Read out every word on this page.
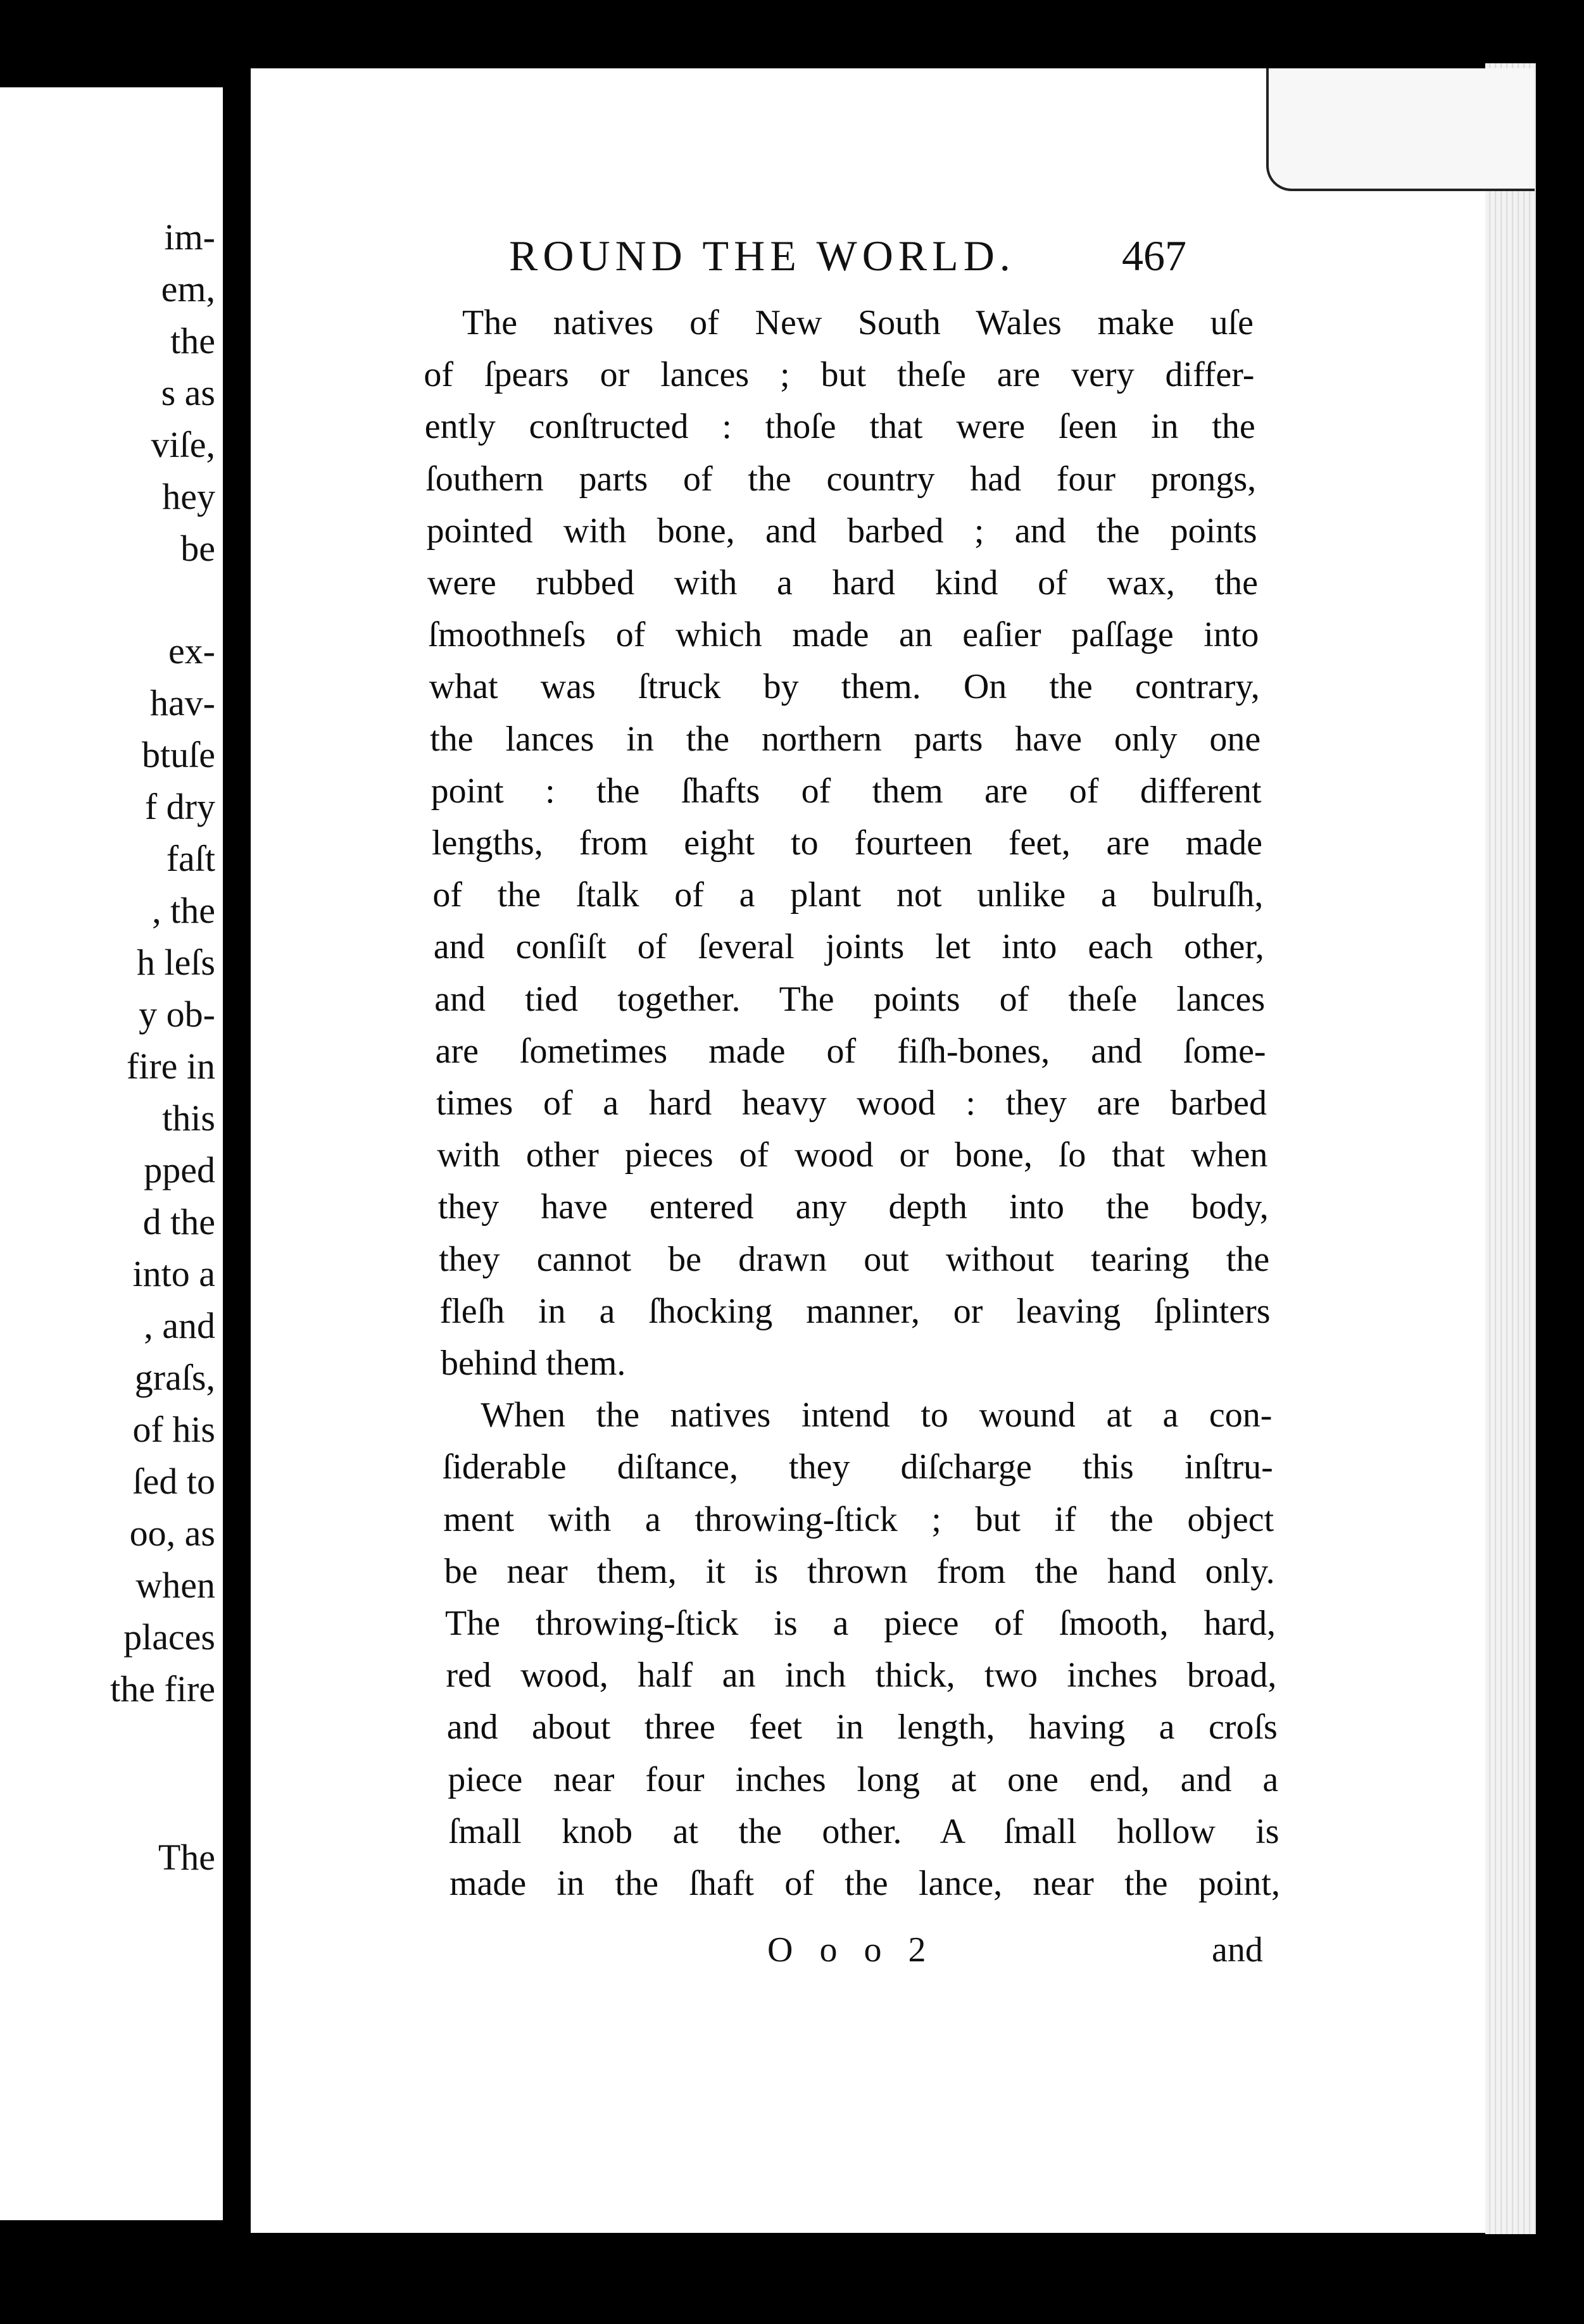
im-
em,
the
s as
viſe,
hey
be
ex-
hav-
btuſe
f dry
faſt
, the
h leſs
y ob-
fire in
this
pped
d the
into a
, and
graſs,
of his
ſed to
oo, as
when
places
the fire
The
ROUND THE WORLD. 467
The natives of New South Wales make uſe
of ſpears or lances ; but theſe are very differ-
ently conſtructed : thoſe that were ſeen in the
ſouthern parts of the country had four prongs,
pointed with bone, and barbed ; and the points
were rubbed with a hard kind of wax, the
ſmoothneſs of which made an eaſier paſſage into
what was ſtruck by them. On the contrary,
the lances in the northern parts have only one
point : the ſhafts of them are of different
lengths, from eight to fourteen feet, are made
of the ſtalk of a plant not unlike a bulruſh,
and conſiſt of ſeveral joints let into each other,
and tied together. The points of theſe lances
are ſometimes made of fiſh-bones, and ſome-
times of a hard heavy wood : they are barbed
with other pieces of wood or bone, ſo that when
they have entered any depth into the body,
they cannot be drawn out without tearing the
fleſh in a ſhocking manner, or leaving ſplinters
behind them.
When the natives intend to wound at a con-
ſiderable diſtance, they diſcharge this inſtru-
ment with a throwing-ſtick ; but if the object
be near them, it is thrown from the hand only.
The throwing-ſtick is a piece of ſmooth, hard,
red wood, half an inch thick, two inches broad,
and about three feet in length, having a croſs
piece near four inches long at one end, and a
ſmall knob at the other. A ſmall hollow is
made in the ſhaft of the lance, near the point,
O o o 2	and
